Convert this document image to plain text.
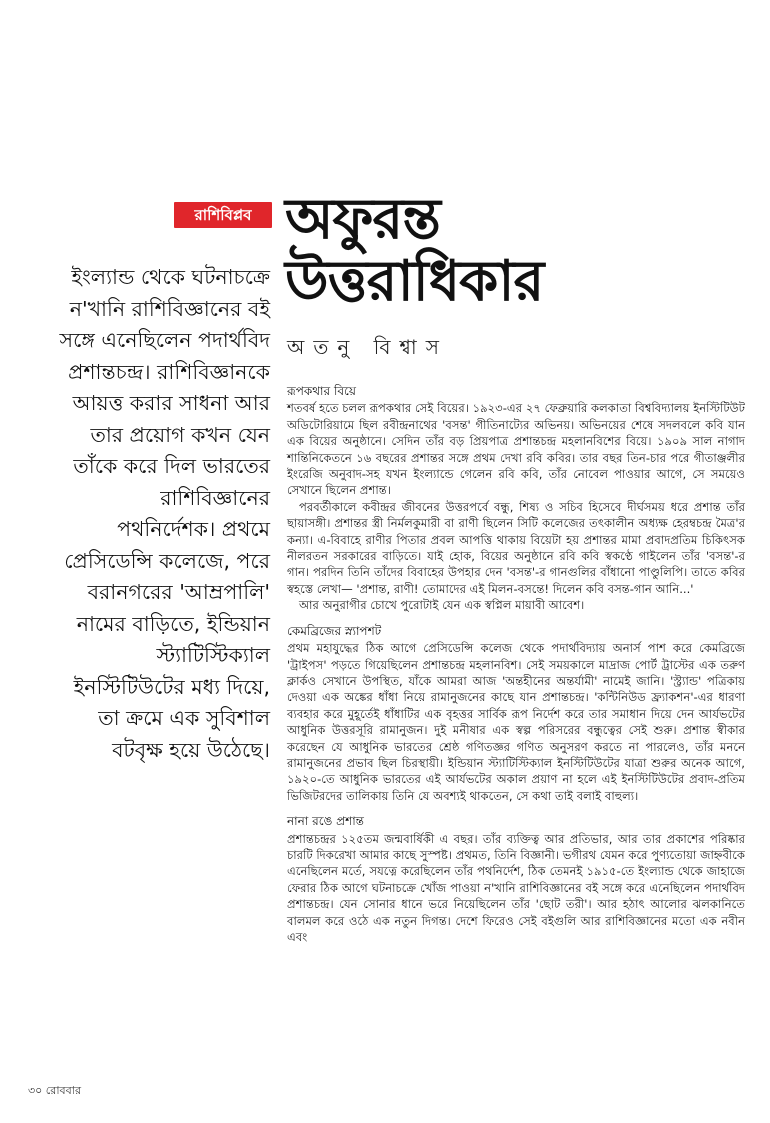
রাশিবিপ্লব অফুরন্ত
উত্তরাধিকার
অতনু বিশ্বাস

ইংল্যান্ড থেকে ঘটনাচক্রে ন'খানি রাশিবিজ্ঞানের বই সঙ্গে এনেছিলেন পদার্থবিদ প্রশান্তচন্দ্র। রাশিবিজ্ঞানকে আয়ত্ত করার সাধনা আর তার প্রয়োগ কখন যেন তাঁকে করে দিল ভারতের রাশিবিজ্ঞানের পথনির্দেশক। প্রথমে প্রেসিডেন্সি কলেজে, পরে বরানগরের 'আম্রপালি' নামের বাড়িতে, ইন্ডিয়ান স্ট্যাটিস্টিক্যাল ইনস্টিটিউটের মধ্য দিয়ে, তা ক্রমে এক সুবিশাল বটবৃক্ষ হয়ে উঠেছে।

রূপকথার বিয়ে

শতবর্ষ হতে চলল রূপকথার সেই বিয়ের। ১৯২৩-এর ২৭ ফেব্রুয়ারি কলকাতা বিশ্ববিদ্যালয় ইনস্টিটিউট অডিটোরিয়ামে ছিল রবীন্দ্রনাথের 'বসন্ত' গীতিনাট্যের অভিনয়। অভিনয়ের শেষে সদলবলে কবি যান এক বিয়ের অনুষ্ঠানে। সেদিন তাঁর বড় প্রিয়পাত্র প্রশান্তচন্দ্র মহলানবিশের বিয়ে। ১৯০৯ সাল নাগাদ শান্তিনিকেতনে ১৬ বছরের প্রশান্তর সঙ্গে প্রথম দেখা রবি কবির। তার বছর তিন-চার পরে গীতাঞ্জলীর ইংরেজি অনুবাদ-সহ যখন ইংল্যান্ডে গেলেন রবি কবি, তাঁর নোবেল পাওয়ার আগে, সে সময়েও সেখানে ছিলেন প্রশান্ত।

পরবর্তীকালে কবীন্দ্রর জীবনের উত্তরপর্বে বন্ধু, শিষ্য ও সচিব হিসেবে দীর্ঘসময় ধরে প্রশান্ত তাঁর ছায়াসঙ্গী। প্রশান্তর স্ত্রী নির্মলকুমারী বা রাণী ছিলেন সিটি কলেজের তৎকালীন অধ্যক্ষ হেরম্বচন্দ্র মৈত্র'র কন্যা। এ-বিবাহে রাণীর পিতার প্রবল আপত্তি থাকায় বিয়েটা হয় প্রশান্তর মামা প্রবাদপ্রতিম চিকিৎসক নীলরতন সরকারের বাড়িতে। যাই হোক, বিয়ের অনুষ্ঠানে রবি কবি স্বকণ্ঠে গাইলেন তাঁর 'বসন্ত'-র গান। পরদিন তিনি তাঁদের বিবাহের উপহার দেন 'বসন্ত'-র গানগুলির বাঁধানো পাণ্ডুলিপি। তাতে কবির স্বহস্তে লেখা— 'প্রশান্ত, রাণী! তোমাদের এই মিলন-বসন্তে! দিলেন কবি বসন্ত-গান আনি...'

আর অনুরাগীর চোখে পুরোটাই যেন এক স্বপ্নিল মায়াবী আবেশ।

কেমব্রিজের স্ন্যাপশট

প্রথম মহাযুদ্ধের ঠিক আগে প্রেসিডেন্সি কলেজ থেকে পদার্থবিদ্যায় অনার্স পাশ করে কেমব্রিজে 'ট্রাইপস' পড়তে গিয়েছিলেন প্রশান্তচন্দ্র মহলানবিশ। সেই সময়কালে মাদ্রাজ পোর্ট ট্রাস্টের এক তরুণ ক্লার্কও সেখানে উপস্থিত, যাঁকে আমরা আজ 'অন্তহীনের অন্তর্যামী' নামেই জানি। 'স্ট্র্যান্ড' পত্রিকায় দেওয়া এক অঙ্কের ধাঁধা নিয়ে রামানুজনের কাছে যান প্রশান্তচন্দ্র। 'কন্টিনিউড ফ্র্যাকশন'-এর ধারণা ব্যবহার করে মুহূর্তেই ধাঁধাটির এক বৃহত্তর সার্বিক রূপ নির্দেশ করে তার সমাধান দিয়ে দেন আর্যভটের আধুনিক উত্তরসূরি রামানুজন। দুই মনীষার এক স্বল্প পরিসরের বন্ধুত্বের সেই শুরু। প্রশান্ত স্বীকার করেছেন যে আধুনিক ভারতের শ্রেষ্ঠ গণিতজ্ঞর গণিত অনুসরণ করতে না পারলেও, তাঁর মননে রামানুজনের প্রভাব ছিল চিরস্থায়ী। ইন্ডিয়ান স্ট্যাটিস্টিক্যাল ইনস্টিটিউটের যাত্রা শুরুর অনেক আগে, ১৯২০-তে আধুনিক ভারতের এই আর্যভটের অকাল প্রয়াণ না হলে এই ইনস্টিটিউটের প্রবাদ-প্রতিম ভিজিটরদের তালিকায় তিনি যে অবশ্যই থাকতেন, সে কথা তাই বলাই বাহুল্য।

নানা রঙে প্রশান্ত

প্রশান্তচন্দ্রর ১২৫তম জন্মবার্ষিকী এ বছর। তাঁর ব্যক্তিত্ব আর প্রতিভার, আর তার প্রকাশের পরিষ্কার চারটি দিকরেখা আমার কাছে সুস্পষ্ট। প্রথমত, তিনি বিজ্ঞানী। ভগীরথ যেমন করে পুণ্যতোয়া জাহ্নবীকে এনেছিলেন মর্তে, সযত্নে করেছিলেন তাঁর পথনির্দেশ, ঠিক তেমনই ১৯১৫-তে ইংল্যান্ড থেকে জাহাজে ফেরার ঠিক আগে ঘটনাচক্রে খোঁজ পাওয়া ন'খানি রাশিবিজ্ঞানের বই সঙ্গে করে এনেছিলেন পদার্থবিদ প্রশান্তচন্দ্র। যেন সোনার ধানে ভরে নিয়েছিলেন তাঁর 'ছোট তরী'। আর হঠাৎ আলোর ঝলকানিতে বালমল করে ওঠে এক নতুন দিগন্ত। দেশে ফিরেও সেই বইগুলি আর রাশিবিজ্ঞানের মতো এক নবীন এবং

৩০ রোববার
